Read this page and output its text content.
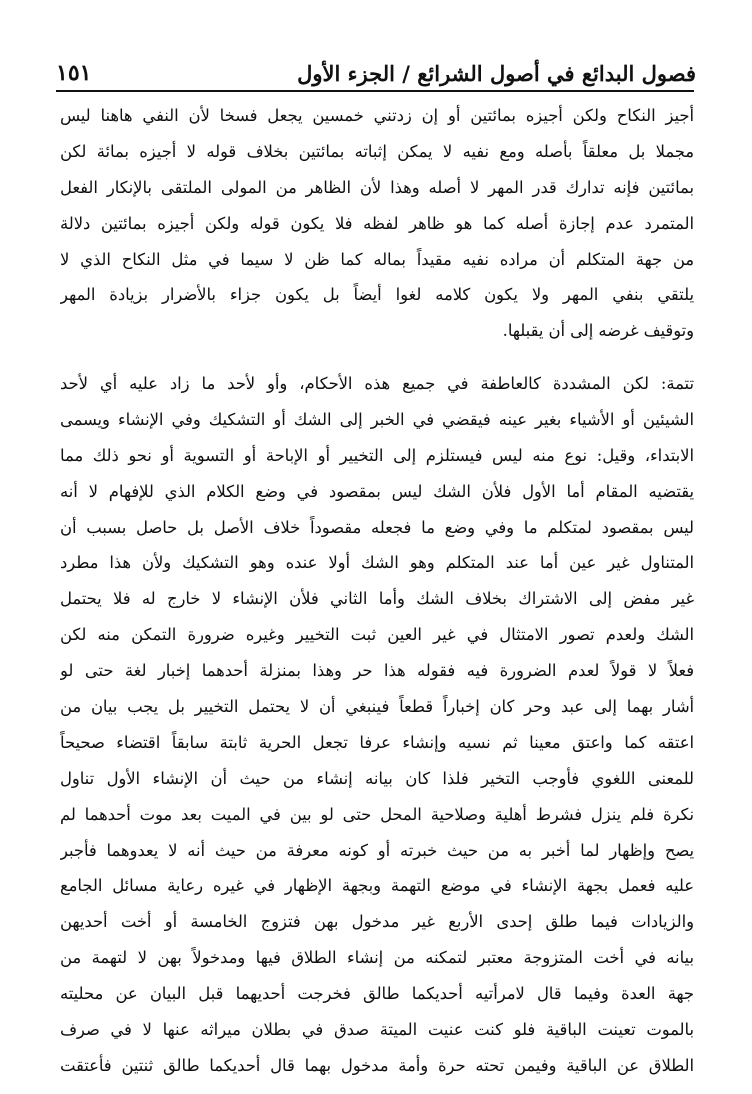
فصول البدائع في أصول الشرائع / الجزء الأول
١٥١
أجيز النكاح ولكن أجيزه بمائتين أو إن زدتني خمسين يجعل فسخا لأن النفي هاهنا ليس
مجملا بل معلقاً بأصله ومع نفيه لا يمكن إثباته بمائتين بخلاف قوله لا أجيزه بمائة لكن
بمائتين فإنه تدارك قدر المهر لا أصله وهذا لأن الظاهر من المولى الملتقى بالإنكار الفعل
المتمرد عدم إجازة أصله كما هو ظاهر لفظه فلا يكون قوله ولكن أجيزه بمائتين دلالة
من جهة المتكلم أن مراده نفيه مقيداً بماله كما ظن لا سيما في مثل النكاح الذي لا
يلتقي بنفي المهر ولا يكون كلامه لغوا أيضاً بل يكون جزاء بالأضرار بزيادة المهر
وتوقيف غرضه إلى أن يقبلها.
تتمة: لكن المشددة كالعاطفة في جميع هذه الأحكام، وأو لأحد ما زاد عليه أي لأحد
الشيئين أو الأشياء بغير عينه فيقضي في الخبر إلى الشك أو التشكيك وفي الإنشاء ويسمى
الابتداء، وقيل: نوع منه ليس فيستلزم إلى التخيير أو الإباحة أو التسوية أو نحو ذلك مما
يقتضيه المقام أما الأول فلأن الشك ليس بمقصود في وضع الكلام الذي للإفهام لا أنه
ليس بمقصود لمتكلم ما وفي وضع ما فجعله مقصوداً خلاف الأصل بل حاصل بسبب أن
المتناول غير عين أما عند المتكلم وهو الشك أولا عنده وهو التشكيك ولأن هذا مطرد
غير مفض إلى الاشتراك بخلاف الشك وأما الثاني فلأن الإنشاء لا خارج له فلا يحتمل
الشك ولعدم تصور الامتثال في غير العين ثبت التخيير وغيره ضرورة التمكن منه لكن
فعلاً لا قولاً لعدم الضرورة فيه فقوله هذا حر وهذا بمنزلة أحدهما إخبار لغة حتى لو
أشار بهما إلى عبد وحر كان إخباراً قطعاً فينبغي أن لا يحتمل التخيير بل يجب بيان من
اعتقه كما واعتق معينا ثم نسيه وإنشاء عرفا تجعل الحرية ثابتة سابقاً اقتضاء صحيحاً
للمعنى اللغوي فأوجب التخير فلذا كان بيانه إنشاء من حيث أن الإنشاء الأول تناول
نكرة فلم ينزل فشرط أهلية وصلاحية المحل حتى لو بين في الميت بعد موت أحدهما لم
يصح وإظهار لما أخبر به من حيث خبرته أو كونه معرفة من حيث أنه لا يعدوهما فأجبر
عليه فعمل بجهة الإنشاء في موضع التهمة وبجهة الإظهار في غيره رعاية مسائل الجامع
والزيادات فيما طلق إحدى الأربع غير مدخول بهن فتزوج الخامسة أو أخت أحديهن
بيانه في أخت المتزوجة معتبر لتمكنه من إنشاء الطلاق فيها ومدخولاً بهن لا لتهمة من
جهة العدة وفيما قال لامرأتيه أحديكما طالق فخرجت أحديهما قبل البيان عن محليته
بالموت تعينت الباقية فلو كنت عنيت الميتة صدق في بطلان ميراثه عنها لا في صرف
الطلاق عن الباقية وفيمن تحته حرة وأمة مدخول بهما قال أحديكما طالق ثنتين فأعتقت
